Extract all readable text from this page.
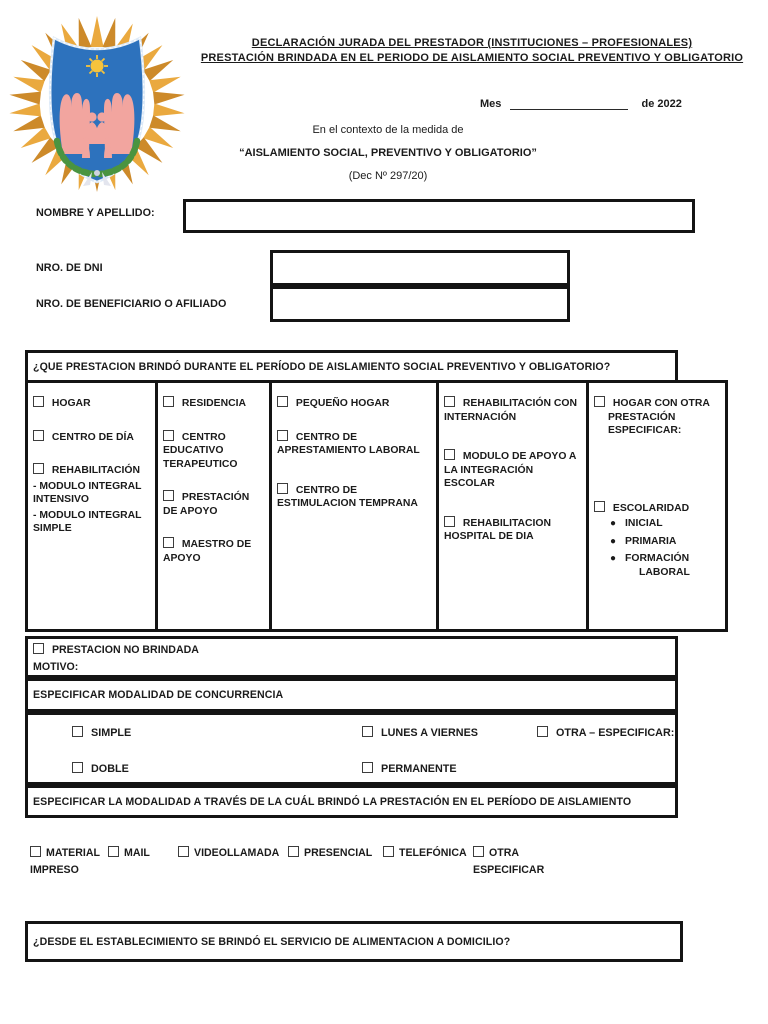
DECLARACIÓN JURADA DEL PRESTADOR (INSTITUCIONES – PROFESIONALES)
PRESTACIÓN BRINDADA EN EL PERIODO DE AISLAMIENTO SOCIAL PREVENTIVO Y OBLIGATORIO
Mes	de 2022
En el contexto de la medida de
“AISLAMIENTO SOCIAL, PREVENTIVO Y OBLIGATORIO”
(Dec Nº 297/20)
NOMBRE Y APELLIDO:
NRO. DE DNI
NRO. DE BENEFICIARIO O AFILIADO
¿QUE PRESTACION BRINDÓ DURANTE EL PERÍODO DE AISLAMIENTO SOCIAL PREVENTIVO Y OBLIGATORIO?
HOGAR
CENTRO DE DÍA
REHABILITACIÓN
- MODULO INTEGRAL INTENSIVO
- MODULO INTEGRAL SIMPLE
RESIDENCIA
CENTRO EDUCATIVO TERAPEUTICO
PRESTACIÓN DE APOYO
MAESTRO DE APOYO
PEQUEÑO HOGAR
CENTRO DE APRESTAMIENTO LABORAL
CENTRO DE ESTIMULACION TEMPRANA
REHABILITACIÓN CON INTERNACIÓN
MODULO DE APOYO A LA INTEGRACIÓN ESCOLAR
REHABILITACION HOSPITAL DE DIA
HOGAR CON OTRA PRESTACIÓN ESPECIFICAR:
ESCOLARIDAD
● INICIAL
● PRIMARIA
● FORMACIÓN LABORAL
PRESTACION NO BRINDADA
MOTIVO:
ESPECIFICAR MODALIDAD DE CONCURRENCIA
SIMPLE	LUNES A VIERNES	OTRA – ESPECIFICAR:
DOBLE	PERMANENTE
ESPECIFICAR LA MODALIDAD A TRAVÉS DE LA CUÁL BRINDÓ LA PRESTACIÓN EN EL PERÍODO DE AISLAMIENTO
MATERIAL
IMPRESO
MAIL	VIDEOLLAMADA	PRESENCIAL	TELEFÓNICA	OTRA
ESPECIFICAR
¿DESDE EL ESTABLECIMIENTO SE BRINDÓ EL SERVICIO DE ALIMENTACION A DOMICILIO?
